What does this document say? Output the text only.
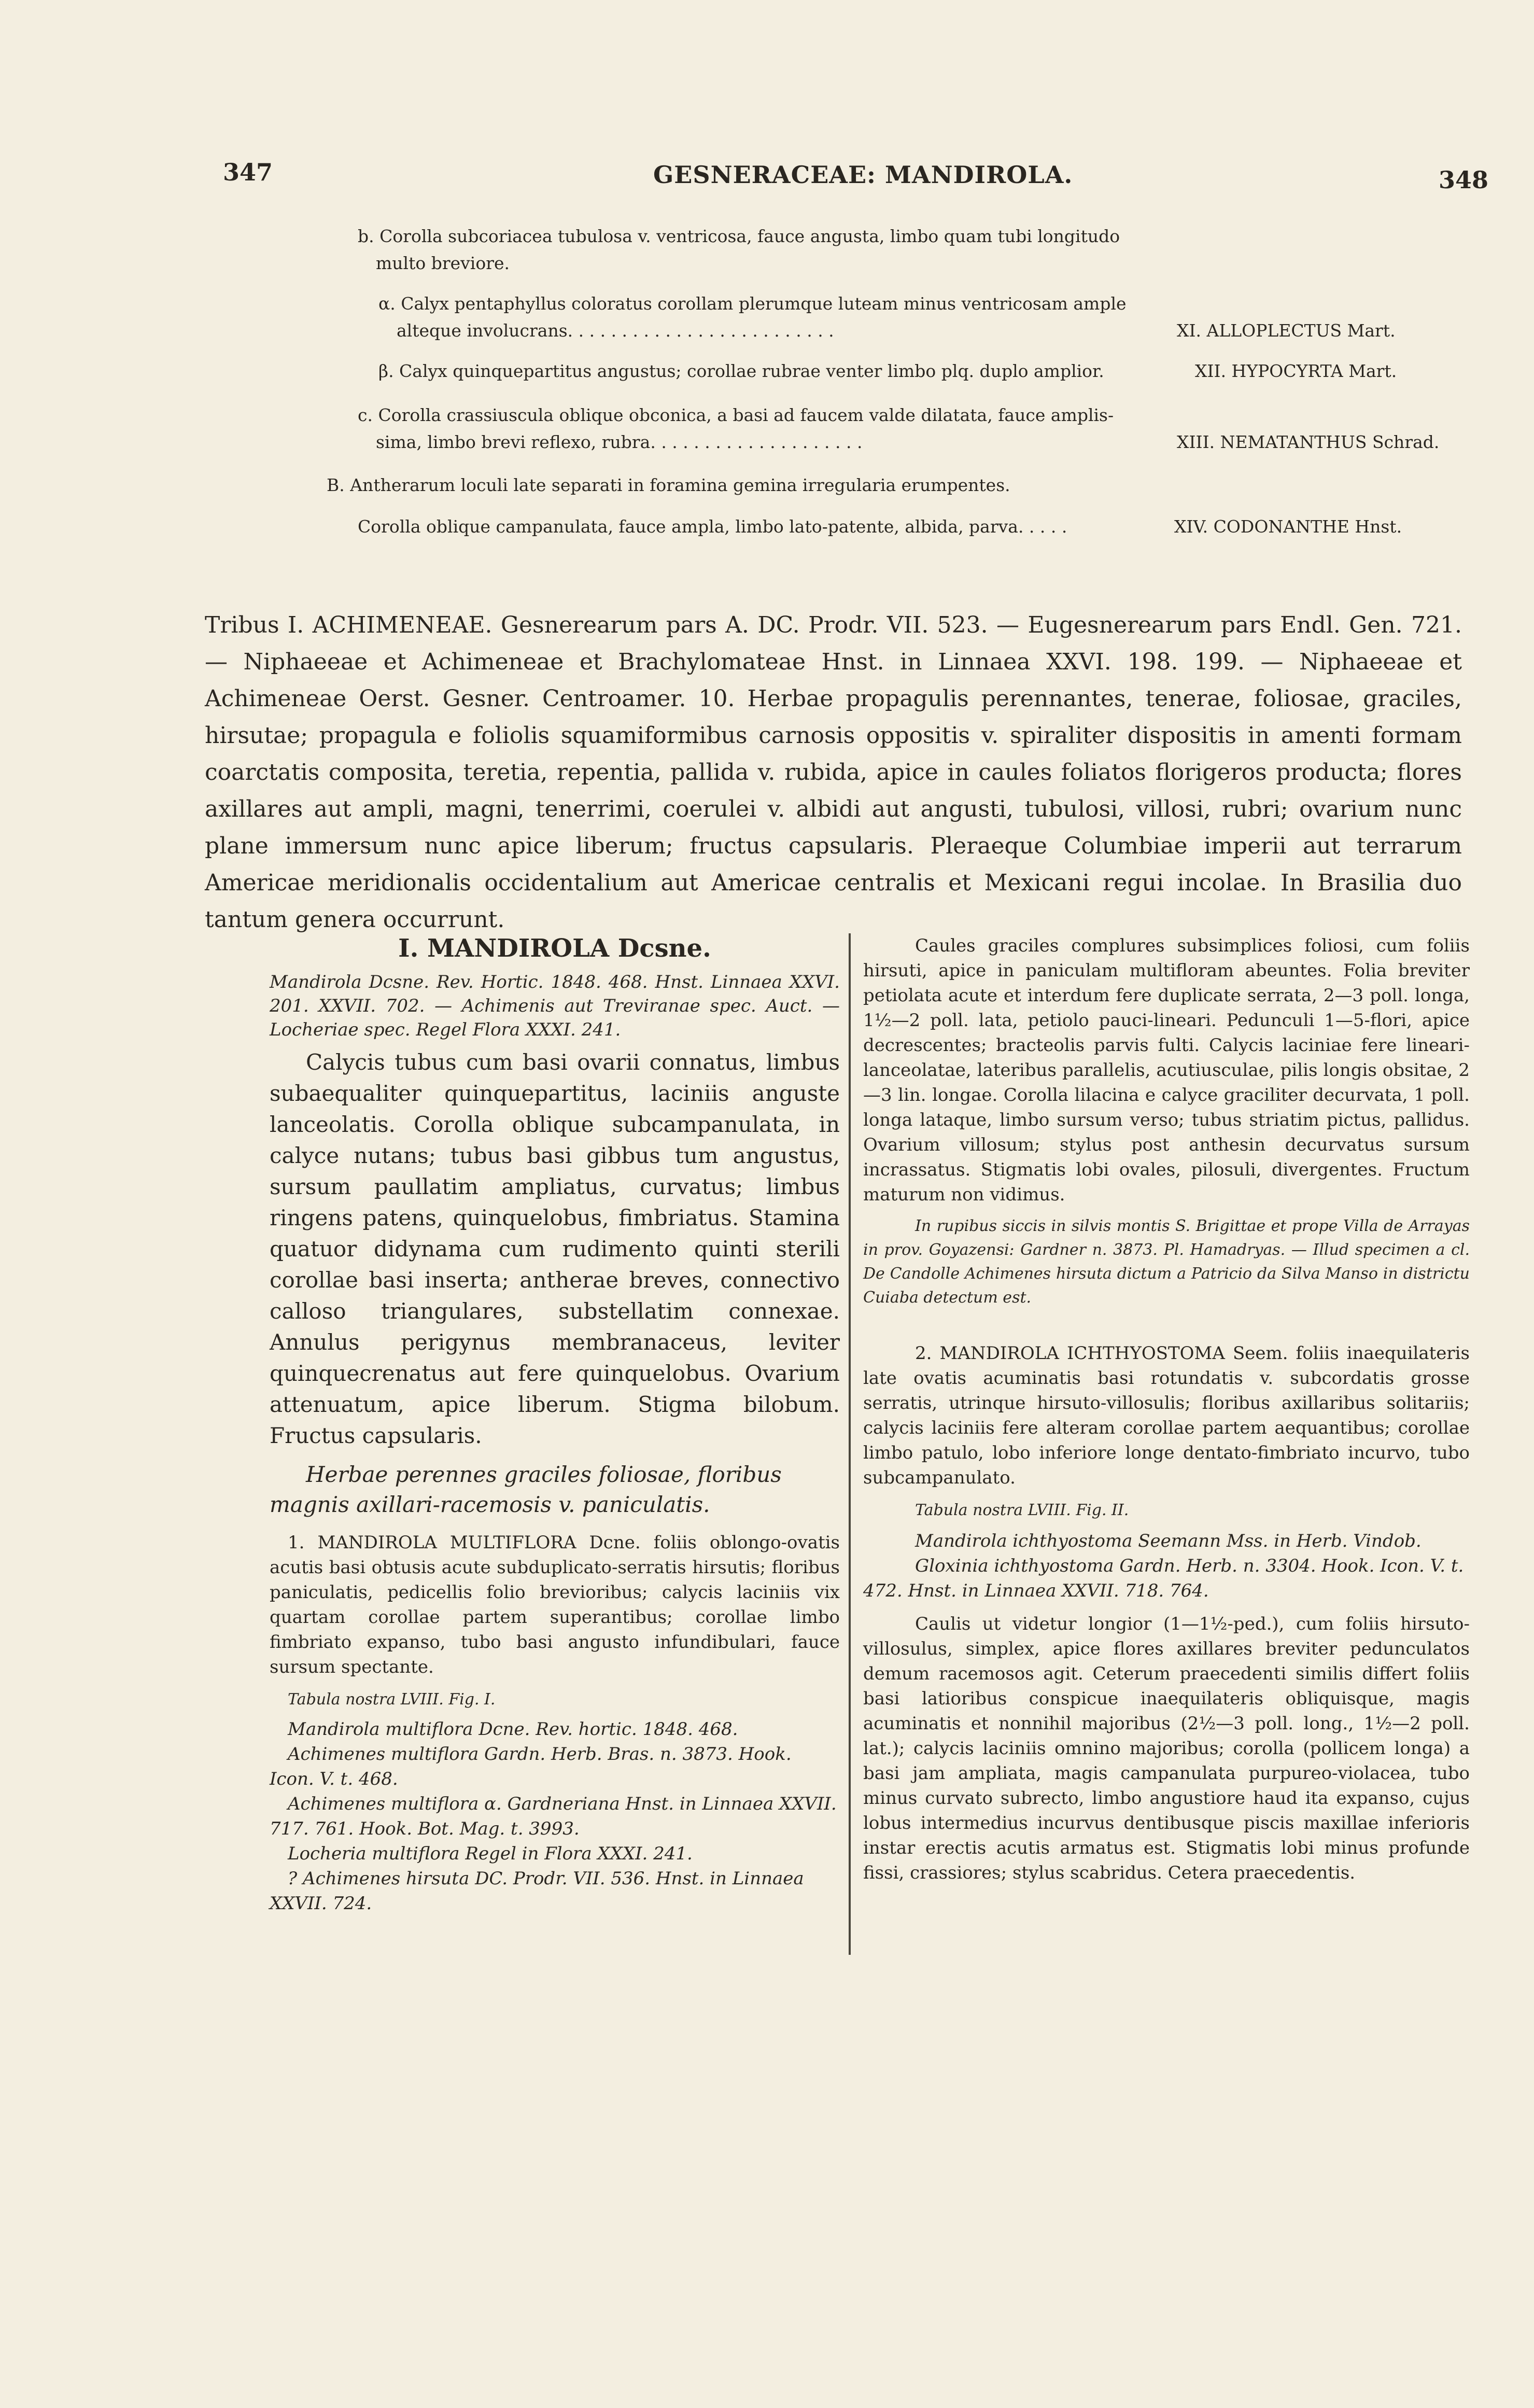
347	GESNERACEAE: MANDIROLA.	348
b. Corolla subcoriacea tubulosa v. ventricosa, fauce angusta, limbo quam tubi longitudo
multo breviore.
α. Calyx pentaphyllus coloratus corollam plerumque luteam minus ventricosam ample
alteque involucrans. . . . . . . . . . . . . . . . . . . . . . . . .	XI. ALLOPLECTUS Mart.
β. Calyx quinquepartitus angustus; corollae rubrae venter limbo plq. duplo amplior.	XII. HYPOCYRTA Mart.
c. Corolla crassiuscula oblique obconica, a basi ad faucem valde dilatata, fauce amplis-
sima, limbo brevi reflexo, rubra. . . . . . . . . . . . . . . . . . . .	XIII. NEMATANTHUS Schrad.
B. Antherarum loculi late separati in foramina gemina irregularia erumpentes.
Corolla oblique campanulata, fauce ampla, limbo lato-patente, albida, parva. . . . .	XIV. CODONANTHE Hnst.
Tribus I. ACHIMENEAE. Gesnerearum pars A. DC. Prodr. VII. 523. — Eugesnerearum pars Endl. Gen. 721. — Niphaeeae et Achimeneae et Brachylomateae Hnst. in Linnaea XXVI. 198. 199. — Niphaeeae et Achimeneae Oerst. Gesner. Centroamer. 10. Herbae propagulis perennantes, tenerae, foliosae, graciles, hirsutae; propagula e foliolis squamiformibus carnosis oppositis v. spiraliter dispositis in amenti formam coarctatis composita, teretia, repentia, pallida v. rubida, apice in caules foliatos florigeros producta; flores axillares aut ampli, magni, tenerrimi, coerulei v. albidi aut angusti, tubulosi, villosi, rubri; ovarium nunc plane immersum nunc apice liberum; fructus capsularis. Pleraeque Columbiae imperii aut terrarum Americae meridionalis occidentalium aut Americae centralis et Mexicani regui incolae. In Brasilia duo tantum genera occurrunt.

I. MANDIROLA Dcsne.

Mandirola Dcsne. Rev. Hortic. 1848. 468. Hnst. Linnaea XXVI. 201. XXVII. 702. — Achimenis aut Treviranae spec. Auct. — Locheriae spec. Regel Flora XXXI. 241.

Calycis tubus cum basi ovarii connatus, limbus subaequaliter quinquepartitus, laciniis anguste lanceolatis. Corolla oblique subcampanulata, in calyce nutans; tubus basi gibbus tum angustus, sursum paullatim ampliatus, curvatus; limbus ringens patens, quinquelobus, fimbriatus. Stamina quatuor didynama cum rudimento quinti sterili corollae basi inserta; antherae breves, connectivo calloso triangulares, substellatim connexae. Annulus perigynus membranaceus, leviter quinquecrenatus aut fere quinquelobus. Ovarium attenuatum, apice liberum. Stigma bilobum. Fructus capsularis.

Herbae perennes graciles foliosae, floribus magnis axillari-racemosis v. paniculatis.

1. MANDIROLA MULTIFLORA Dcne. foliis oblongo-ovatis acutis basi obtusis acute subduplicato-serratis hirsutis; floribus paniculatis, pedicellis folio brevioribus; calycis laciniis vix quartam corollae partem superantibus; corollae limbo fimbriato expanso, tubo basi angusto infundibulari, fauce sursum spectante.

Tabula nostra LVIII. Fig. I.

Mandirola multiflora Dcne. Rev. hortic. 1848. 468.

Achimenes multiflora Gardn. Herb. Bras. n. 3873. Hook. Icon. V. t. 468.

Achimenes multiflora α. Gardneriana Hnst. in Linnaea XXVII. 717. 761. Hook. Bot. Mag. t. 3993.

Locheria multiflora Regel in Flora XXXI. 241.

? Achimenes hirsuta DC. Prodr. VII. 536. Hnst. in Linnaea XXVII. 724.

Caules graciles complures subsimplices foliosi, cum foliis hirsuti, apice in paniculam multifloram abeuntes. Folia breviter petiolata acute et interdum fere duplicate serrata, 2—3 poll. longa, 1½—2 poll. lata, petiolo pauci-lineari. Pedunculi 1—5-flori, apice decrescentes; bracteolis parvis fulti. Calycis laciniae fere lineari-lanceolatae, lateribus parallelis, acutiusculae, pilis longis obsitae, 2—3 lin. longae. Corolla lilacina e calyce graciliter decurvata, 1 poll. longa lataque, limbo sursum verso; tubus striatim pictus, pallidus. Ovarium villosum; stylus post anthesin decurvatus sursum incrassatus. Stigmatis lobi ovales, pilosuli, divergentes. Fructum maturum non vidimus.

In rupibus siccis in silvis montis S. Brigittae et prope Villa de Arrayas in prov. Goyazensi: Gardner n. 3873. Pl. Hamadryas. — Illud specimen a cl. De Candolle Achimenes hirsuta dictum a Patricio da Silva Manso in districtu Cuiaba detectum est.

2. MANDIROLA ICHTHYOSTOMA Seem. foliis inaequilateris late ovatis acuminatis basi rotundatis v. subcordatis grosse serratis, utrinque hirsuto-villosulis; floribus axillaribus solitariis; calycis laciniis fere alteram corollae partem aequantibus; corollae limbo patulo, lobo inferiore longe dentato-fimbriato incurvo, tubo subcampanulato.

Tabula nostra LVIII. Fig. II.

Mandirola ichthyostoma Seemann Mss. in Herb. Vindob.

Gloxinia ichthyostoma Gardn. Herb. n. 3304. Hook. Icon. V. t. 472. Hnst. in Linnaea XXVII. 718. 764.

Caulis ut videtur longior (1—1½-ped.), cum foliis hirsuto-villosulus, simplex, apice flores axillares breviter pedunculatos demum racemosos agit. Ceterum praecedenti similis differt foliis basi latioribus conspicue inaequilateris obliquisque, magis acuminatis et nonnihil majoribus (2½—3 poll. long., 1½—2 poll. lat.); calycis laciniis omnino majoribus; corolla (pollicem longa) a basi jam ampliata, magis campanulata purpureo-violacea, tubo minus curvato subrecto, limbo angustiore haud ita expanso, cujus lobus intermedius incurvus dentibusque piscis maxillae inferioris instar erectis acutis armatus est. Stigmatis lobi minus profunde fissi, crassiores; stylus scabridus. Cetera praecedentis.
